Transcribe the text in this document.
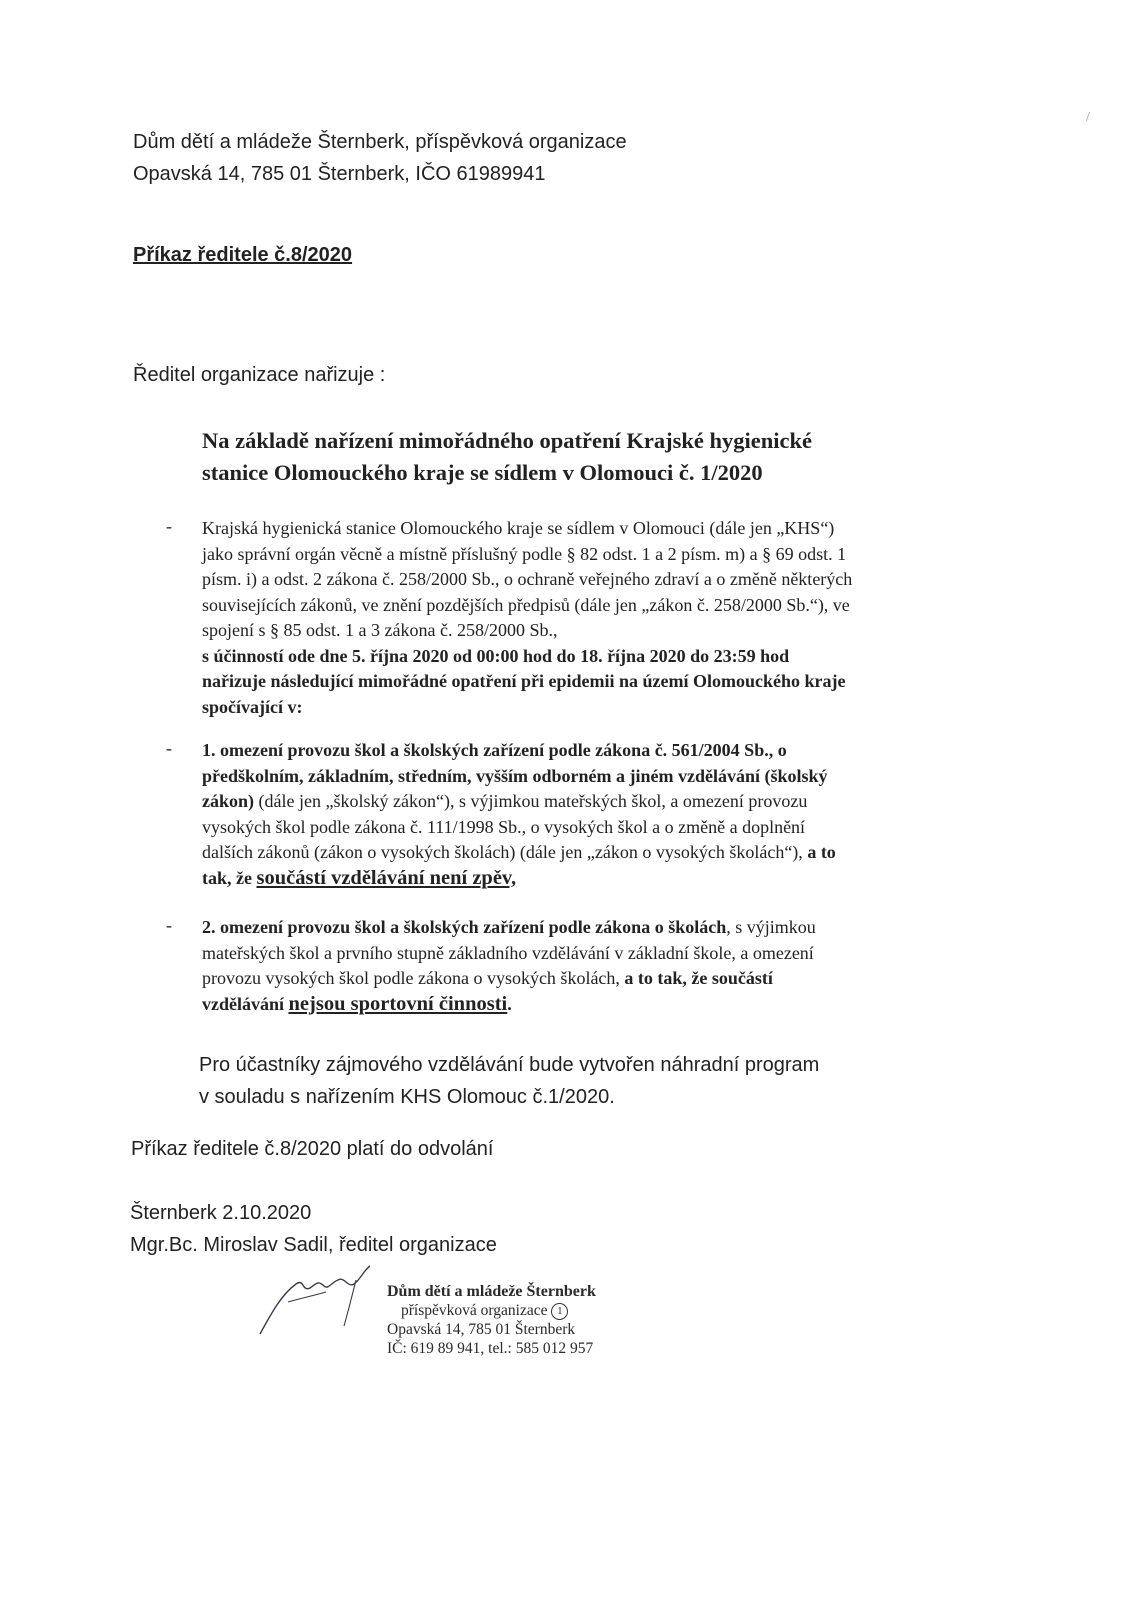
Dům dětí a mládeže Šternberk, příspěvková organizace
Opavská 14, 785 01 Šternberk, IČO 61989941
Příkaz ředitele č.8/2020
Ředitel organizace nařizuje :
Na základě nařízení mimořádného opatření Krajské hygienické
stanice Olomouckého kraje se sídlem v Olomouci č. 1/2020
- Krajská hygienická stanice Olomouckého kraje se sídlem v Olomouci (dále jen „KHS“)
jako správní orgán věcně a místně příslušný podle § 82 odst. 1 a 2 písm. m) a § 69 odst. 1
písm. i) a odst. 2 zákona č. 258/2000 Sb., o ochraně veřejného zdraví a o změně některých
souvisejících zákonů, ve znění pozdějších předpisů (dále jen „zákon č. 258/2000 Sb.“), ve
spojení s § 85 odst. 1 a 3 zákona č. 258/2000 Sb.,
s účinností ode dne 5. října 2020 od 00:00 hod do 18. října 2020 do 23:59 hod
nařizuje následující mimořádné opatření při epidemii na území Olomouckého kraje
spočívající v:
- 1. omezení provozu škol a školských zařízení podle zákona č. 561/2004 Sb., o
předškolním, základním, středním, vyšším odborném a jiném vzdělávání (školský
zákon) (dále jen „školský zákon“), s výjimkou mateřských škol, a omezení provozu
vysokých škol podle zákona č. 111/1998 Sb., o vysokých škol a o změně a doplnění
dalších zákonů (zákon o vysokých školách) (dále jen „zákon o vysokých školách“), a to
tak, že součástí vzdělávání není zpěv,
- 2. omezení provozu škol a školských zařízení podle zákona o školách, s výjimkou
mateřských škol a prvního stupně základního vzdělávání v základní škole, a omezení
provozu vysokých škol podle zákona o vysokých školách, a to tak, že součástí
vzdělávání nejsou sportovní činnosti.
Pro účastníky zájmového vzdělávání bude vytvořen náhradní program
v souladu s nařízením KHS Olomouc č.1/2020.
Příkaz ředitele č.8/2020 platí do odvolání
Šternberk 2.10.2020
Mgr.Bc. Miroslav Sadil, ředitel organizace
Dům dětí a mládeže Šternberk
příspěvková organizace 1
Opavská 14, 785 01 Šternberk
IČ: 619 89 941, tel.: 585 012 957
/
